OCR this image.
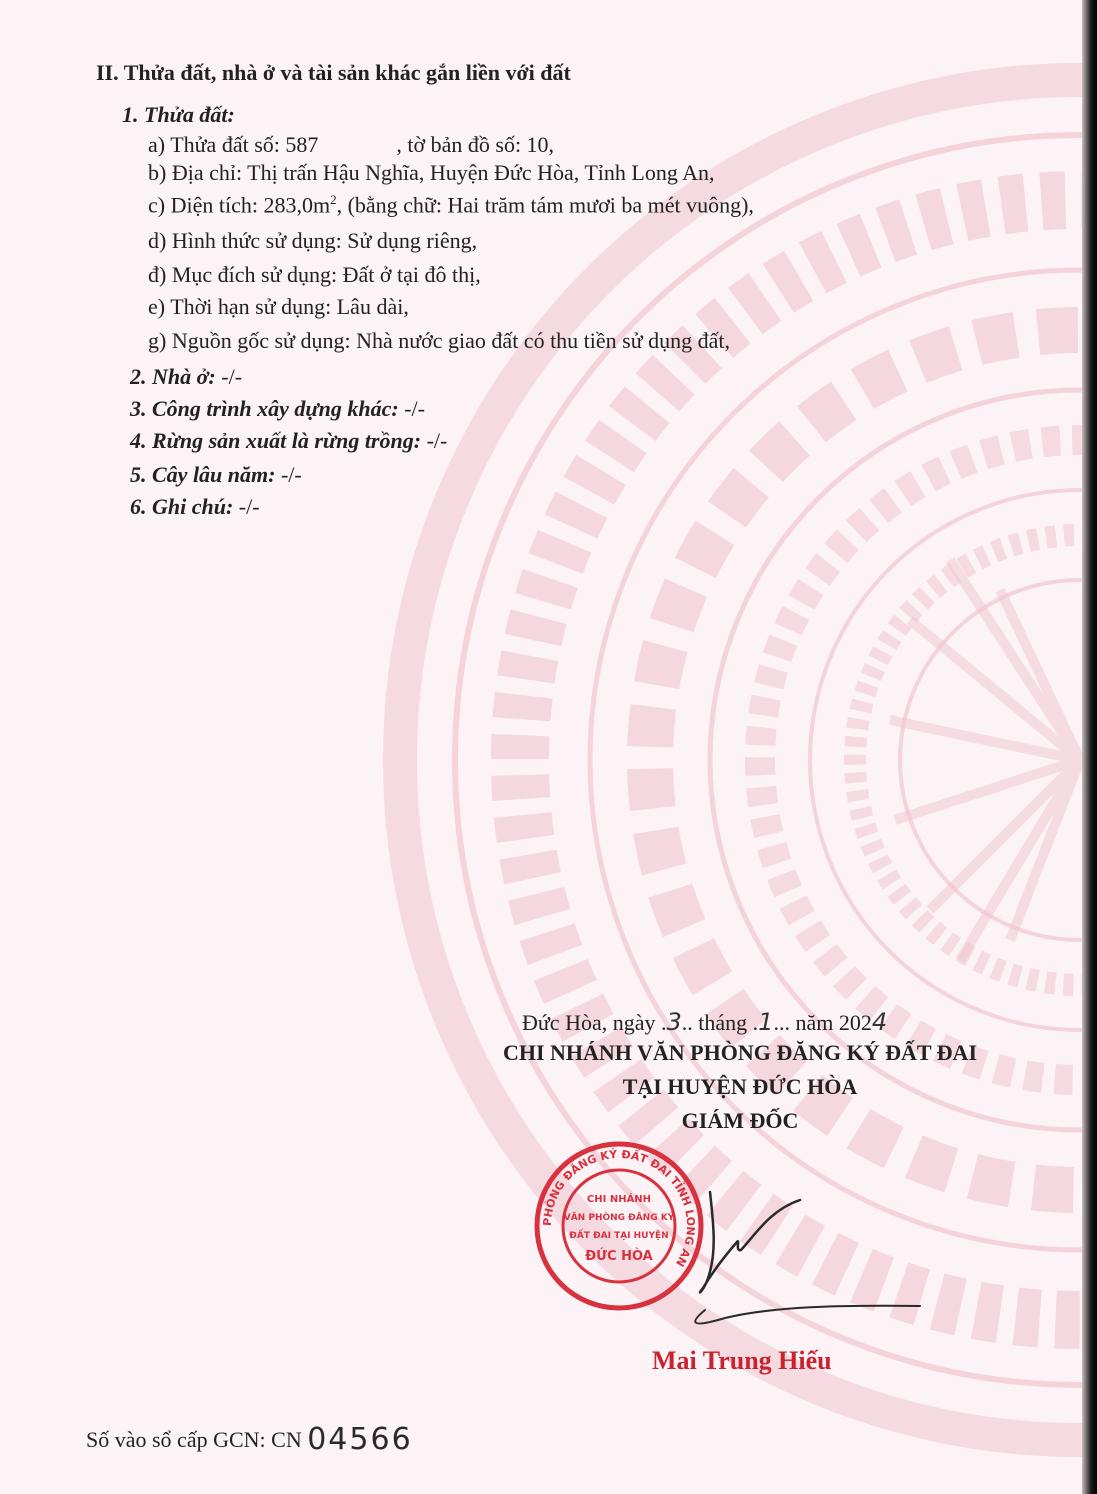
II. Thửa đất, nhà ở và tài sản khác gắn liền với đất
1. Thửa đất:
a) Thửa đất số: 587	, tờ bản đồ số: 10,
b) Địa chỉ: Thị trấn Hậu Nghĩa, Huyện Đức Hòa, Tỉnh Long An,
c) Diện tích: $283,0m^2$, (bằng chữ: Hai trăm tám mươi ba mét vuông),
d) Hình thức sử dụng: Sử dụng riêng,
đ) Mục đích sử dụng: Đất ở tại đô thị,
e) Thời hạn sử dụng: Lâu dài,
g) Nguồn gốc sử dụng: Nhà nước giao đất có thu tiền sử dụng đất,
2. Nhà ở: -/-
3. Công trình xây dựng khác: -/-
4. Rừng sản xuất là rừng trồng: -/-
5. Cây lâu năm: -/-
6. Ghi chú: -/-
Đức Hòa, ngày .3.. tháng .1... năm 2024
CHI NHÁNH VĂN PHÒNG ĐĂNG KÝ ĐẤT ĐAI
TẠI HUYỆN ĐỨC HÒA
GIÁM ĐỐC
PHÒNG ĐĂNG KÝ ĐẤT ĐAI TỈNH LONG AN
CHI NHÁNH
VĂN PHÒNG ĐĂNG KÝ
ĐẤT ĐAI TẠI HUYỆN
ĐỨC HÒA
Mai Trung Hiếu
Số vào sổ cấp GCN: CN 04566
